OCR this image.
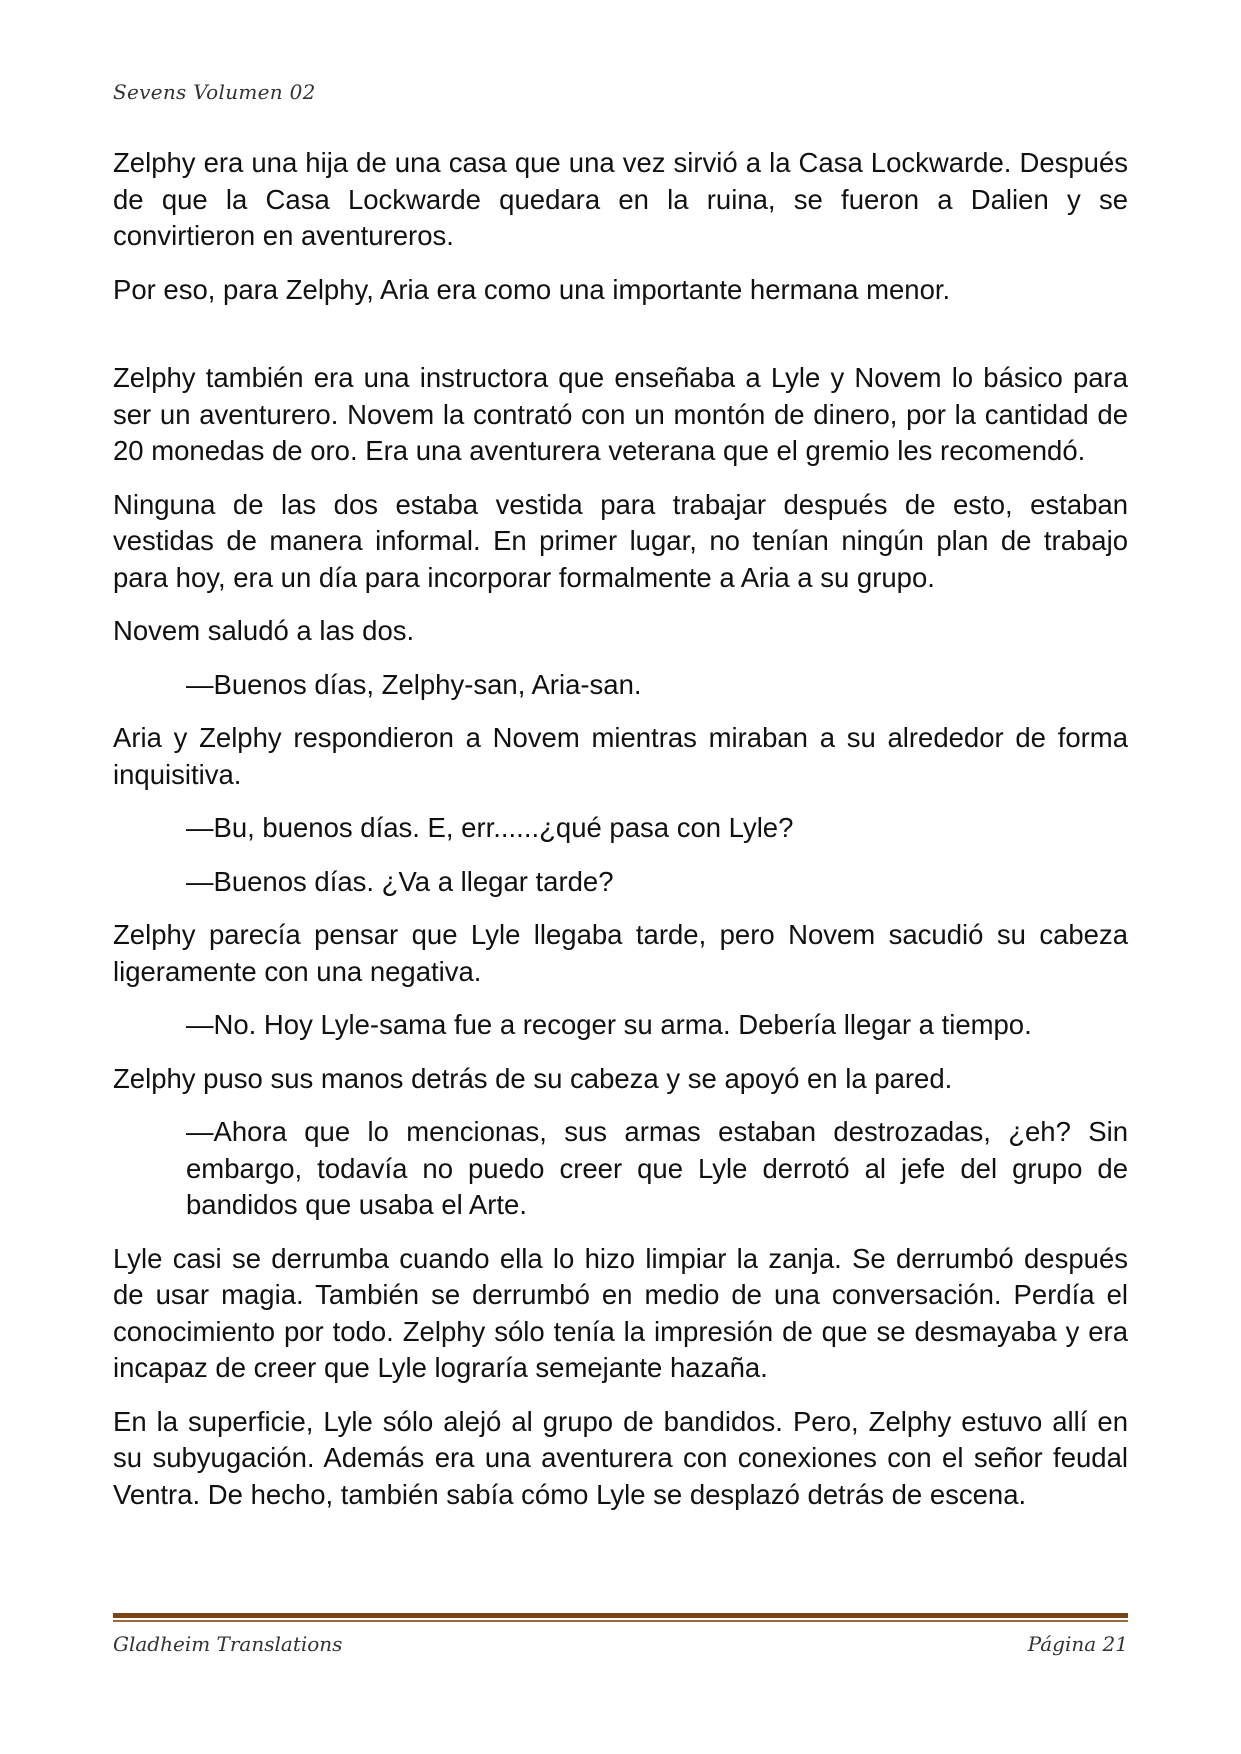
Sevens Volumen 02

Zelphy era una hija de una casa que una vez sirvió a la Casa Lockwarde. Después de que la Casa Lockwarde quedara en la ruina, se fueron a Dalien y se convirtieron en aventureros.

Por eso, para Zelphy, Aria era como una importante hermana menor.

Zelphy también era una instructora que enseñaba a Lyle y Novem lo básico para ser un aventurero. Novem la contrató con un montón de dinero, por la cantidad de 20 monedas de oro. Era una aventurera veterana que el gremio les recomendó.

Ninguna de las dos estaba vestida para trabajar después de esto, estaban vestidas de manera informal. En primer lugar, no tenían ningún plan de trabajo para hoy, era un día para incorporar formalmente a Aria a su grupo.

Novem saludó a las dos.

—Buenos días, Zelphy-san, Aria-san.

Aria y Zelphy respondieron a Novem mientras miraban a su alrededor de forma inquisitiva.

—Bu, buenos días. E, err......¿qué pasa con Lyle?

—Buenos días. ¿Va a llegar tarde?

Zelphy parecía pensar que Lyle llegaba tarde, pero Novem sacudió su cabeza ligeramente con una negativa.

—No. Hoy Lyle-sama fue a recoger su arma. Debería llegar a tiempo.

Zelphy puso sus manos detrás de su cabeza y se apoyó en la pared.

—Ahora que lo mencionas, sus armas estaban destrozadas, ¿eh? Sin embargo, todavía no puedo creer que Lyle derrotó al jefe del grupo de bandidos que usaba el Arte.

Lyle casi se derrumba cuando ella lo hizo limpiar la zanja. Se derrumbó después de usar magia. También se derrumbó en medio de una conversación. Perdía el conocimiento por todo. Zelphy sólo tenía la impresión de que se desmayaba y era incapaz de creer que Lyle lograría semejante hazaña.

En la superficie, Lyle sólo alejó al grupo de bandidos. Pero, Zelphy estuvo allí en su subyugación. Además era una aventurera con conexiones con el señor feudal Ventra. De hecho, también sabía cómo Lyle se desplazó detrás de escena.

Gladheim Translations	Página 21
